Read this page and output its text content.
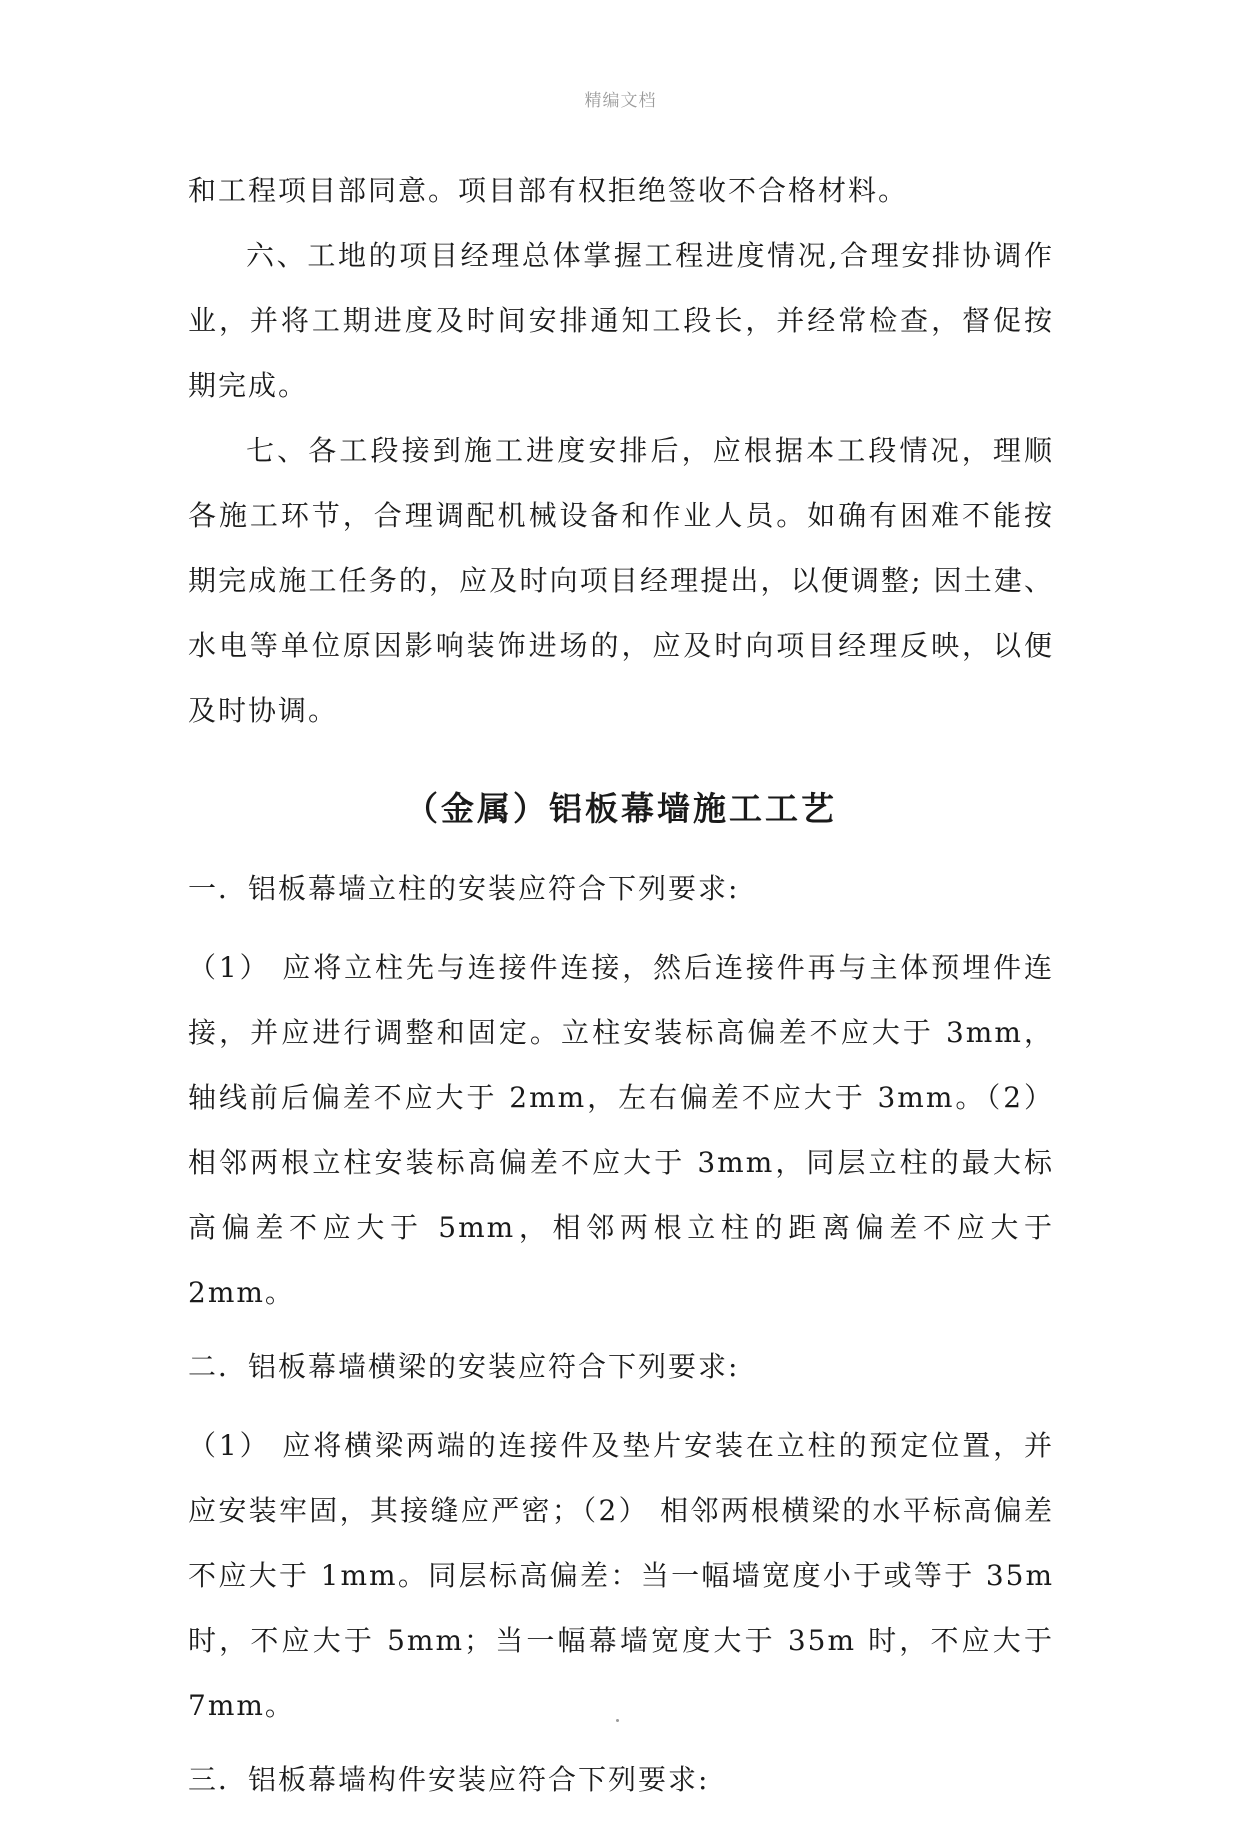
精编文档

和工程项目部同意。项目部有权拒绝签收不合格材料。

六、工地的项目经理总体掌握工程进度情况,合理安排协调作业，并将工期进度及时间安排通知工段长，并经常检查，督促按期完成。

七、各工段接到施工进度安排后，应根据本工段情况，理顺各施工环节，合理调配机械设备和作业人员。如确有困难不能按期完成施工任务的，应及时向项目经理提出，以便调整; 因土建、水电等单位原因影响装饰进场的，应及时向项目经理反映，以便及时协调。

（金属）铝板幕墙施工工艺
一．铝板幕墙立柱的安装应符合下列要求:

（1） 应将立柱先与连接件连接，然后连接件再与主体预埋件连接，并应进行调整和固定。立柱安装标高偏差不应大于 3mm，轴线前后偏差不应大于 2mm，左右偏差不应大于 3mm。（2） 相邻两根立柱安装标高偏差不应大于 3mm，同层立柱的最大标高偏差不应大于 5mm，相邻两根立柱的距离偏差不应大于 2mm。

二．铝板幕墙横梁的安装应符合下列要求:

（1） 应将横梁两端的连接件及垫片安装在立柱的预定位置，并应安装牢固，其接缝应严密；（2） 相邻两根横梁的水平标高偏差不应大于 1mm。同层标高偏差：当一幅墙宽度小于或等于 35m 时，不应大于 5mm；当一幅幕墙宽度大于 35m 时，不应大于 7mm。

三．铝板幕墙构件安装应符合下列要求:
